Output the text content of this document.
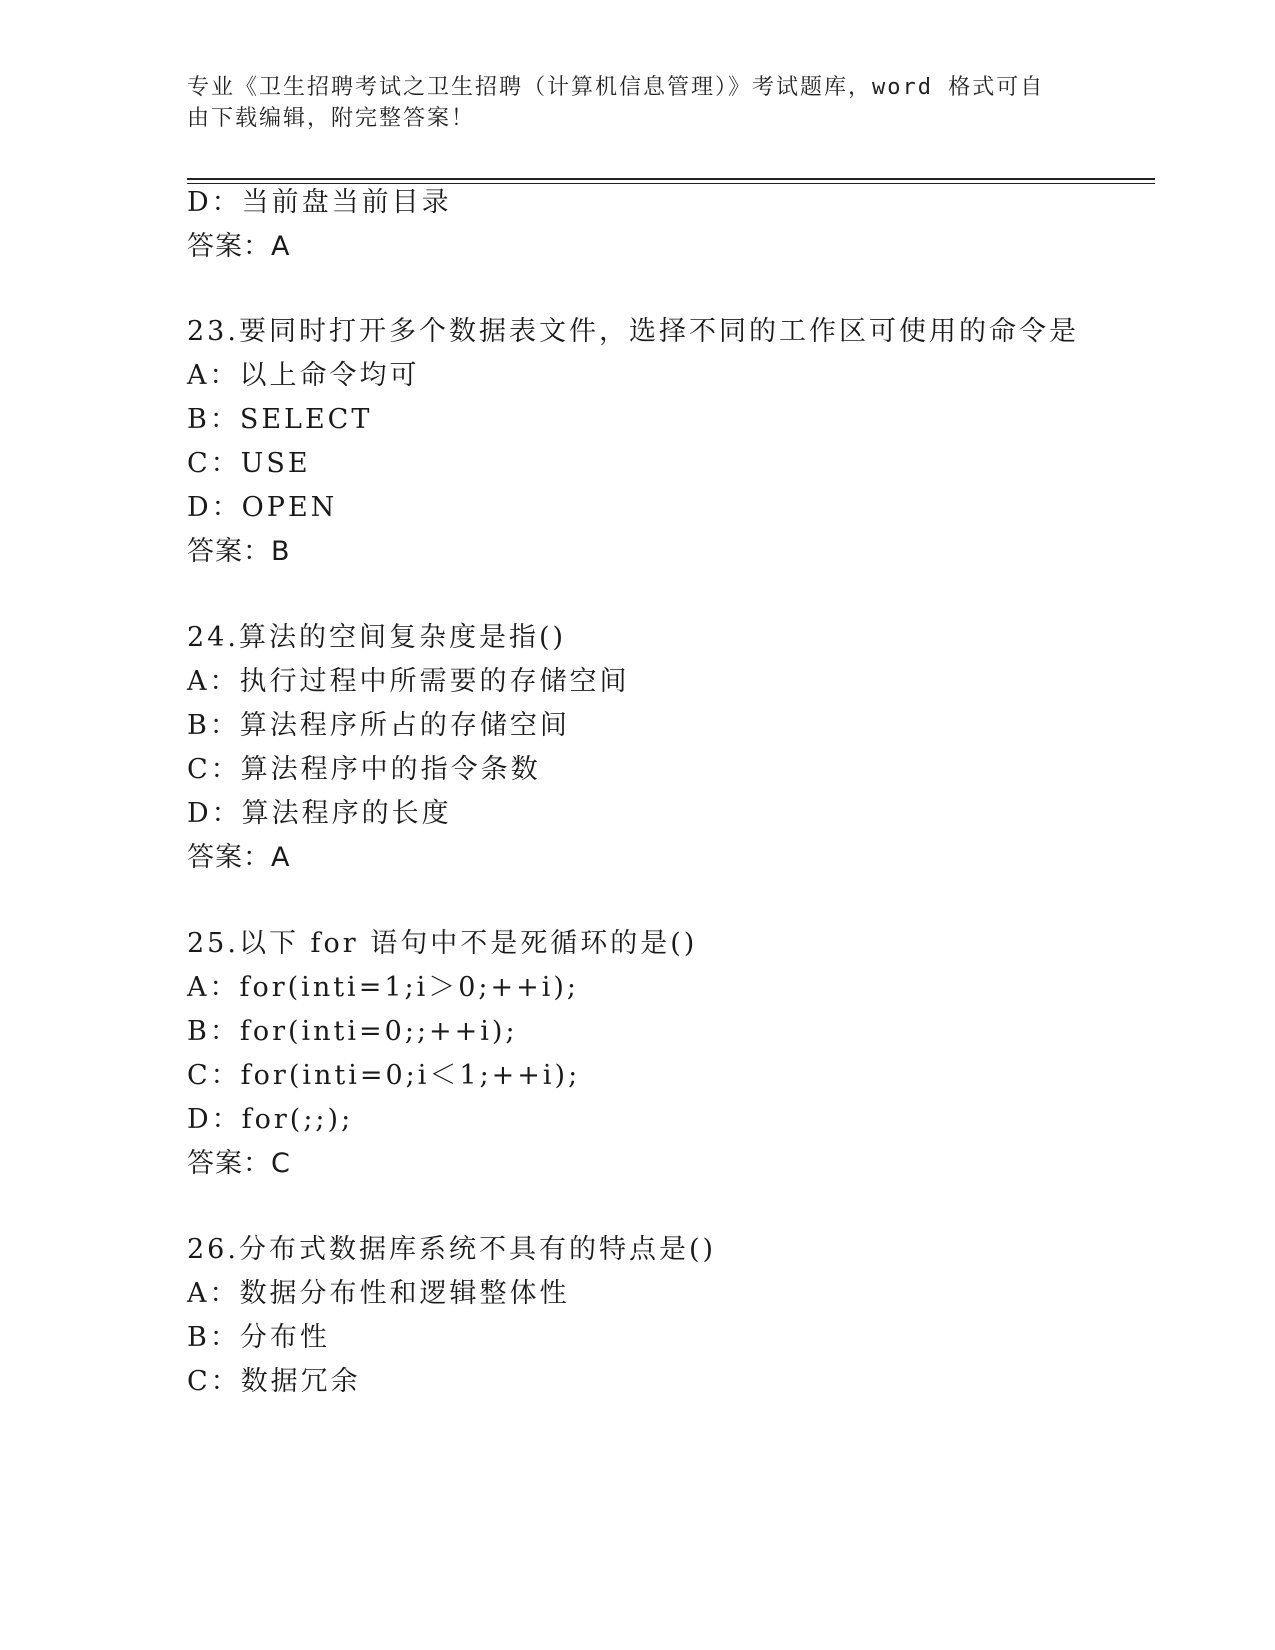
专业《卫生招聘考试之卫生招聘（计算机信息管理）》考试题库，word 格式可自
由下载编辑，附完整答案！
D：当前盘当前目录
答案：A
23.要同时打开多个数据表文件，选择不同的工作区可使用的命令是
A：以上命令均可
B：SELECT
C：USE
D：OPEN
答案：B
24.算法的空间复杂度是指()
A：执行过程中所需要的存储空间
B：算法程序所占的存储空间
C：算法程序中的指令条数
D：算法程序的长度
答案：A
25.以下 for 语句中不是死循环的是()
A：for(inti=1;i＞0;++i);
B：for(inti=0;;++i);
C：for(inti=0;i＜1;++i);
D：for(;;);
答案：C
26.分布式数据库系统不具有的特点是()
A：数据分布性和逻辑整体性
B：分布性
C：数据冗余
